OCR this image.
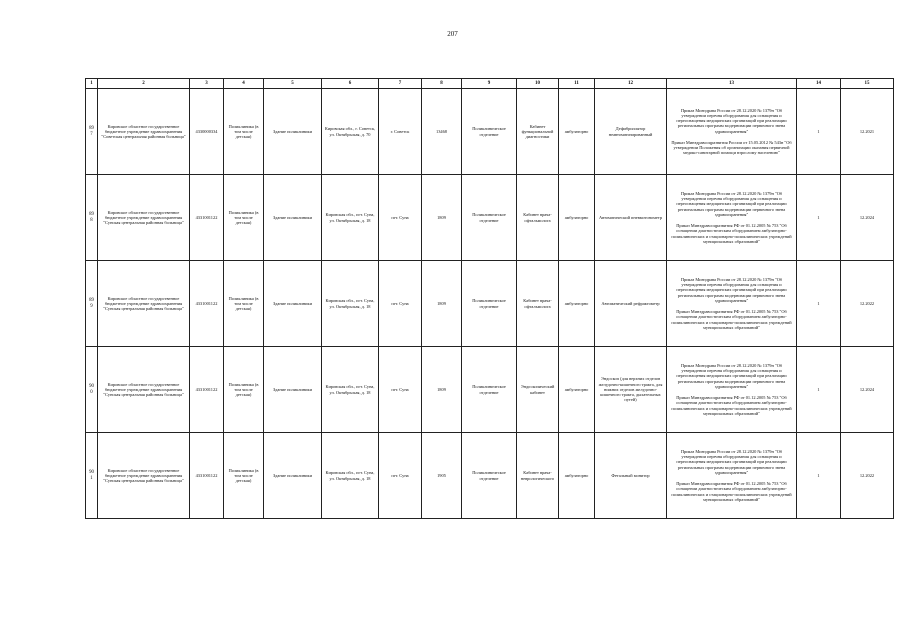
207
1	2	3	4	5	6	7	8	9	10	11	12	13	14	15
897	Кировское областное государственное бюджетное учреждение здравоохранения "Советская центральная районная больница"	4330000334	Поликлиника (в том числе детская)	Здание поликлиники	Кировская обл., г. Советск, ул. Октябрьская, д. 70	г. Советск	13468	Поликлиническое отделение	Кабинет функциональной диагностики	амбулаторно	Дефибриллятор неавтоматизированный	Приказ Минздрава России от 28.12.2020 № 1379н "Об утверждении перечня оборудования для оснащения и переоснащения медицинских организаций при реализации региональных программ модернизации первичного звена здравоохранения"

Приказ Минздравсоцразвития России от 15.05.2012 № 543н "Об утверждении Положения об организации оказания первичной медико-санитарной помощи взрослому населению"	1	12.2021
898	Кировское областное государственное бюджетное учреждение здравоохранения "Сунская центральная районная больница"	4331001122	Поликлиника (в том числе детская)	Здание поликлиники	Кировская обл., пгт. Суна, ул. Октябрьская, д. 18	пгт. Суна	1809	Поликлиническое отделение	Кабинет врача-офтальмолога	амбулаторно	Автоматический пневмотонометр	Приказ Минздрава России от 28.12.2020 № 1379н "Об утверждении перечня оборудования для оснащения и переоснащения медицинских организаций при реализации региональных программ модернизации первичного звена здравоохранения"

Приказ Минздравсоцразвития РФ от 01.12.2005 № 753 "Об оснащении диагностическим оборудованием амбулаторно-поликлинических и стационарно-поликлинических учреждений муниципальных образований"	1	12.2024
899	Кировское областное государственное бюджетное учреждение здравоохранения "Сунская центральная районная больница"	4331001122	Поликлиника (в том числе детская)	Здание поликлиники	Кировская обл., пгт. Суна, ул. Октябрьская, д. 18	пгт. Суна	1809	Поликлиническое отделение	Кабинет врача-офтальмолога	амбулаторно	Автоматический рефрактометр	Приказ Минздрава России от 28.12.2020 № 1379н "Об утверждении перечня оборудования для оснащения и переоснащения медицинских организаций при реализации региональных программ модернизации первичного звена здравоохранения"

Приказ Минздравсоцразвития РФ от 01.12.2005 № 753 "Об оснащении диагностическим оборудованием амбулаторно-поликлинических и стационарно-поликлинических учреждений муниципальных образований"	1	12.2022
900	Кировское областное государственное бюджетное учреждение здравоохранения "Сунская центральная районная больница"	4331001122	Поликлиника (в том числе детская)	Здание поликлиники	Кировская обл., пгт. Суна, ул. Октябрьская, д. 18	пгт. Суна	1809	Поликлиническое отделение	Эндоскопический кабинет	амбулаторно	Эндоскоп (для верхних отделов желудочно-кишечного тракта, для нижних отделов желудочно-кишечного тракта, дыхательных путей)	Приказ Минздрава России от 28.12.2020 № 1379н "Об утверждении перечня оборудования для оснащения и переоснащения медицинских организаций при реализации региональных программ модернизации первичного звена здравоохранения"

Приказ Минздравсоцразвития РФ от 01.12.2005 № 753 "Об оснащении диагностическим оборудованием амбулаторно-поликлинических и стационарно-поликлинических учреждений муниципальных образований"	1	12.2024
901	Кировское областное государственное бюджетное учреждение здравоохранения "Сунская центральная районная больница"	4331001122	Поликлиника (в том числе детская)	Здание поликлиники	Кировская обл., пгт. Суна, ул. Октябрьская, д. 18	пгт. Суна	1905	Поликлиническое отделение	Кабинет врача-неврологического	амбулаторно	Фетальный монитор	Приказ Минздрава России от 28.12.2020 № 1379н "Об утверждении перечня оборудования для оснащения и переоснащения медицинских организаций при реализации региональных программ модернизации первичного звена здравоохранения"

Приказ Минздравсоцразвития РФ от 01.12.2005 № 753 "Об оснащении диагностическим оборудованием амбулаторно-поликлинических и стационарно-поликлинических учреждений муниципальных образований"	1	12.2022
